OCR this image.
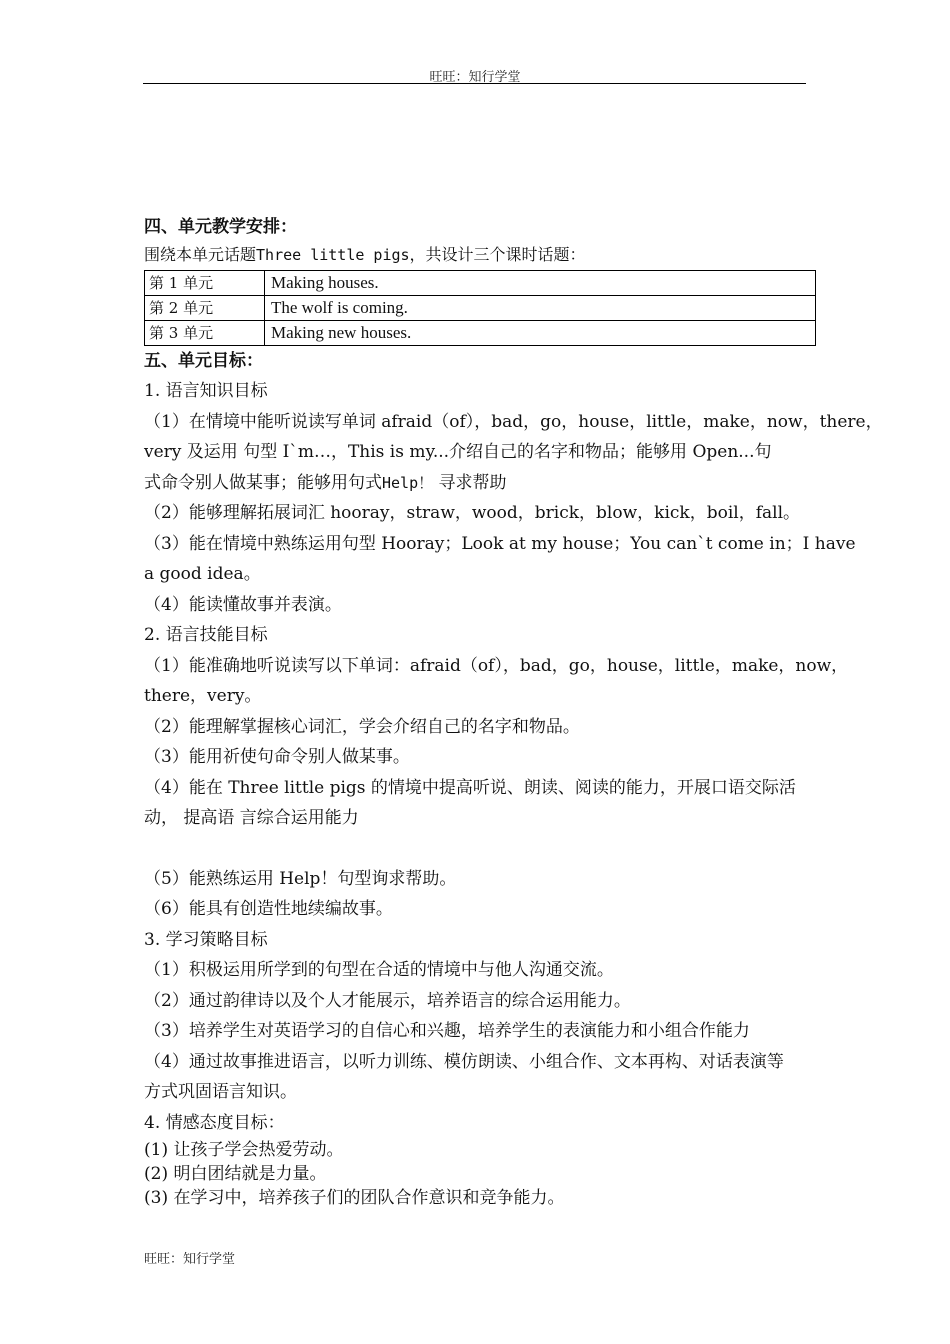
旺旺：知行学堂
四、单元教学安排：
围绕本单元话题Three little pigs，共设计三个课时话题：
第 1 单元	Making houses.
第 2 单元	The wolf is coming.
第 3 单元	Making new houses.
五、单元目标：
1. 语言知识目标
（1）在情境中能听说读写单词 afraid（of），bad，go，house，little，make，now，there，
very 及运用 句型 I`m…，This is my...介绍自己的名字和物品；能够用 Open...句
式命令别人做某事；能够用句式Help！ 寻求帮助
（2）能够理解拓展词汇 hooray，straw，wood，brick，blow，kick，boil，fall。
（3）能在情境中熟练运用句型 Hooray；Look at my house；You can`t come in；I have
a good idea。
（4）能读懂故事并表演。
2. 语言技能目标
（1）能准确地听说读写以下单词：afraid（of），bad，go，house，little，make，now，
there，very。
（2）能理解掌握核心词汇，学会介绍自己的名字和物品。
（3）能用祈使句命令别人做某事。
（4）能在 Three little pigs 的情境中提高听说、朗读、阅读的能力，开展口语交际活
动， 提高语 言综合运用能力
（5）能熟练运用 Help！句型询求帮助。
（6）能具有创造性地续编故事。
3. 学习策略目标
（1）积极运用所学到的句型在合适的情境中与他人沟通交流。
（2）通过韵律诗以及个人才能展示，培养语言的综合运用能力。
（3）培养学生对英语学习的自信心和兴趣，培养学生的表演能力和小组合作能力
（4）通过故事推进语言，以听力训练、模仿朗读、小组合作、文本再构、对话表演等
方式巩固语言知识。
4. 情感态度目标：
(1) 让孩子学会热爱劳动。
(2) 明白团结就是力量。
(3) 在学习中，培养孩子们的团队合作意识和竞争能力。
旺旺：知行学堂
